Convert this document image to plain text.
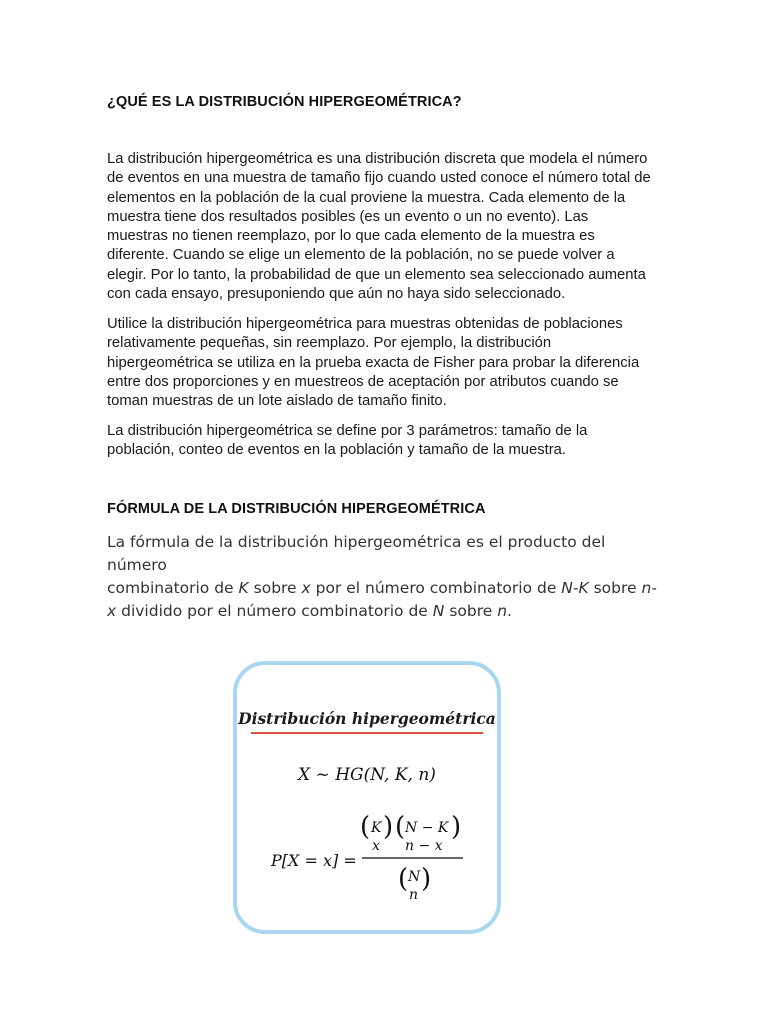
¿QUÉ ES LA DISTRIBUCIÓN HIPERGEOMÉTRICA?
La distribución hipergeométrica es una distribución discreta que modela el número
de eventos en una muestra de tamaño fijo cuando usted conoce el número total de
elementos en la población de la cual proviene la muestra. Cada elemento de la
muestra tiene dos resultados posibles (es un evento o un no evento). Las
muestras no tienen reemplazo, por lo que cada elemento de la muestra es
diferente. Cuando se elige un elemento de la población, no se puede volver a
elegir. Por lo tanto, la probabilidad de que un elemento sea seleccionado aumenta
con cada ensayo, presuponiendo que aún no haya sido seleccionado.
Utilice la distribución hipergeométrica para muestras obtenidas de poblaciones
relativamente pequeñas, sin reemplazo. Por ejemplo, la distribución
hipergeométrica se utiliza en la prueba exacta de Fisher para probar la diferencia
entre dos proporciones y en muestreos de aceptación por atributos cuando se
toman muestras de un lote aislado de tamaño finito.
La distribución hipergeométrica se define por 3 parámetros: tamaño de la
población, conteo de eventos en la población y tamaño de la muestra.
FÓRMULA DE LA DISTRIBUCIÓN HIPERGEOMÉTRICA
La fórmula de la distribución hipergeométrica es el producto del número
combinatorio de K sobre x por el número combinatorio de N-K sobre n-
x dividido por el número combinatorio de N sobre n.
Distribución hipergeométrica
X ~ HG(N, K, n)
P[X = x] =
( K
x
) ( N − K
n − x
)
( N
n
)
